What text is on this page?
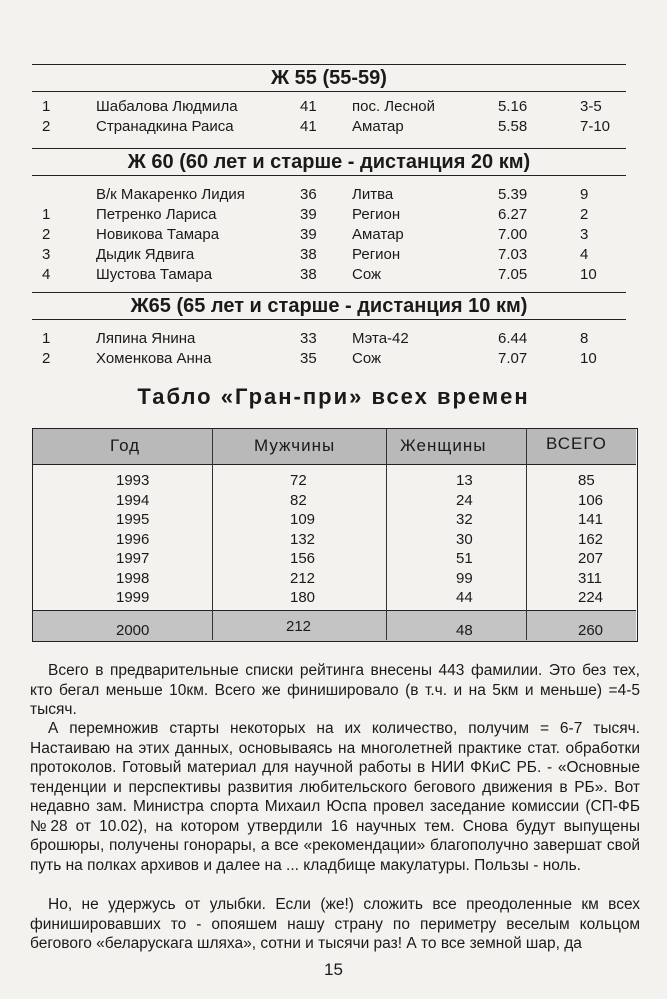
Ж 55 (55-59)
1	Шабалова Людмила	41 пос. Лесной	5.16	3-5
2	Странадкина Раиса	41 Аматар	5.58	7-10
Ж 60 (60 лет и старше - дистанция 20 км)
В/к Макаренко Лидия	36 Литва	5.39	9
1	Петренко Лариса	39 Регион	6.27	2
2	Новикова Тамара	39 Аматар	7.00	3
3	Дыдик Ядвига	38 Регион	7.03	4
4	Шустова Тамара	38 Сож	7.05	10
Ж65 (65 лет и старше - дистанция 10 км)
1	Ляпина Янина	33 Мэта-42	6.44	8
2	Хоменкова Анна	35 Сож	7.07	10
Табло «Гран-при» всех времен
Год	Мужчины	Женщины	ВСЕГО
1993	72	13	85
1994	82	24	106
1995	109	32	141
1996	132	30	162
1997	156	51	207
1998	212	99	311
1999	180	44	224
2000	212	48	260
Всего в предварительные списки рейтинга внесены 443 фамилии. Это без тех, кто бегал меньше 10км. Всего же финишировало (в т.ч. и на 5км и меньше) =4-5 тысяч.
А перемножив старты некоторых на их количество, получим = 6-7 тысяч. Настаиваю на этих данных, основываясь на многолетней практике стат. обработки протоколов. Готовый материал для научной работы в НИИ ФКиС РБ. - «Основные тенденции и перспективы развития любительского бегового движения в РБ». Вот недавно зам. Министра спорта Михаил Юспа провел заседание комиссии (СП-ФБ №28 от 10.02), на котором утвердили 16 научных тем. Снова будут выпущены брошюры, получены гонорары, а все «рекомендации» благополучно завершат свой путь на полках архивов и далее на ... кладбище макулатуры. Пользы - ноль.
Но, не удержусь от улыбки. Если (же!) сложить все преодоленные км всех финишировавших то - опояшем нашу страну по периметру веселым кольцом бегового «беларускага шляха», сотни и тысячи раз! А то все земной шар, да
15
